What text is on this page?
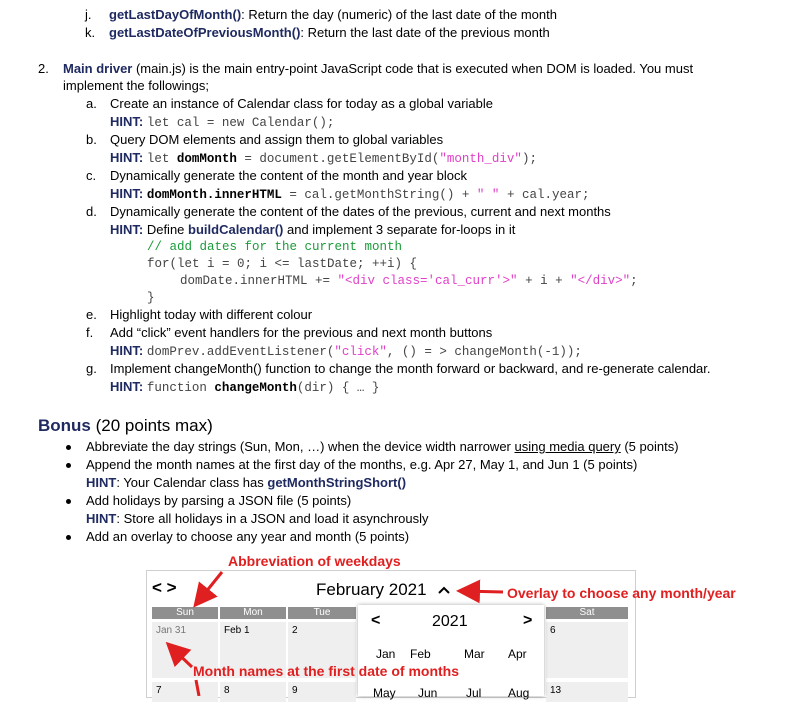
j. getLastDayOfMonth(): Return the day (numeric) of the last date of the month
k. getLastDateOfPreviousMonth(): Return the last date of the previous month
2. Main driver (main.js) is the main entry-point JavaScript code that is executed when DOM is loaded. You must
implement the followings;
a. Create an instance of Calendar class for today as a global variable
HINT: let cal = new Calendar();
b. Query DOM elements and assign them to global variables
HINT: let domMonth = document.getElementById("month_div");
c. Dynamically generate the content of the month and year block
HINT: domMonth.innerHTML = cal.getMonthString() + " " + cal.year;
d. Dynamically generate the content of the dates of the previous, current and next months
HINT: Define buildCalendar() and implement 3 separate for-loops in it
// add dates for the current month
for(let i = 0; i <= lastDate; ++i) {
domDate.innerHTML += "<div class='cal_curr'>" + i + "</div>";
}
e. Highlight today with different colour
f. Add “click” event handlers for the previous and next month buttons
HINT: domPrev.addEventListener("click", () = > changeMonth(-1));
g. Implement changeMonth() function to change the month forward or backward, and re-generate calendar.
HINT: function changeMonth(dir) { … }
Bonus (20 points max)
Abbreviate the day strings (Sun, Mon, …) when the device width narrower using media query (5 points)
Append the month names at the first day of the months, e.g. Apr 27, May 1, and Jun 1 (5 points)
HINT: Your Calendar class has getMonthStringShort()
Add holidays by parsing a JSON file (5 points)
HINT: Store all holidays in a JSON and load it asynchrously
Add an overlay to choose any year and month (5 points)
Abbreviation of weekdays
< >	February 2021
Sun	Mon	Tue	Sat
Jan 31	Feb 1	2	6
7	8	9	13
<	2021	>
Jan Feb	Mar Apr
May Jun Jul Aug
Overlay to choose any month/year
Month names at the first date of months
